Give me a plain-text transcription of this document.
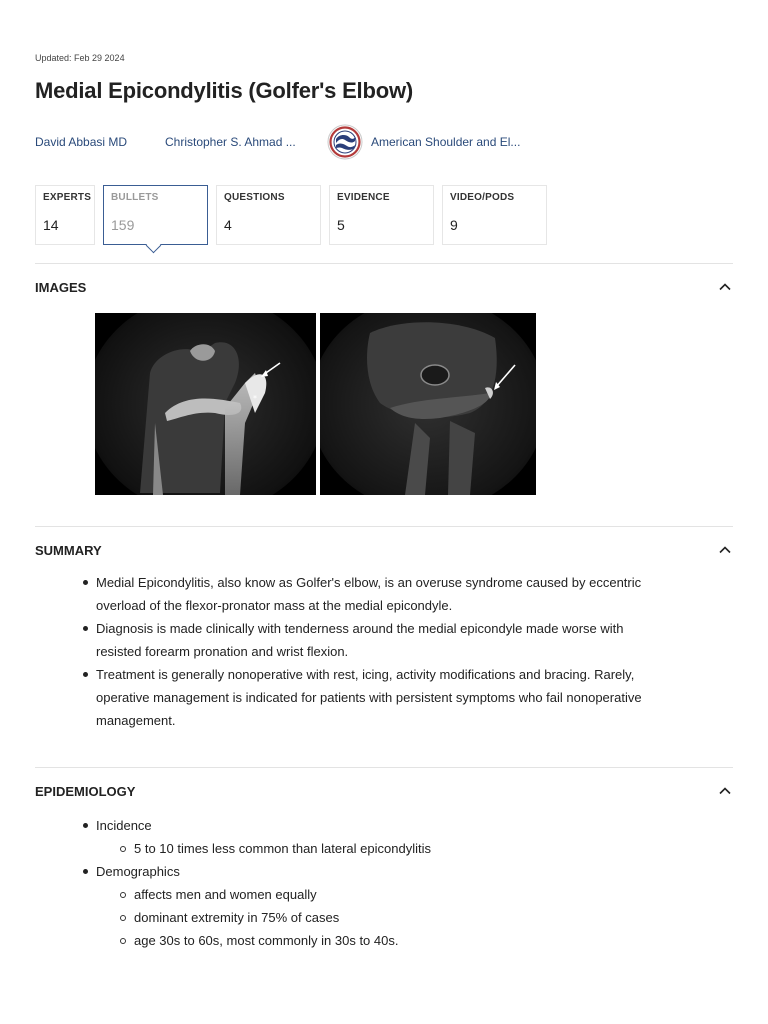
Updated: Feb 29 2024
Medial Epicondylitis (Golfer's Elbow)
David Abbasi MD	Christopher S. Ahmad ...	American Shoulder and El...
EXPERTS
14
BULLETS
159
QUESTIONS
4
EVIDENCE
5
VIDEO/PODS
9
IMAGES
*
SUMMARY
Medial Epicondylitis, also know as Golfer's elbow, is an overuse syndrome caused by eccentric overload of the flexor-pronator mass at the medial epicondyle.
Diagnosis is made clinically with tenderness around the medial epicondyle made worse with resisted forearm pronation and wrist flexion.
Treatment is generally nonoperative with rest, icing, activity modifications and bracing. Rarely, operative management is indicated for patients with persistent symptoms who fail nonoperative management.
EPIDEMIOLOGY
Incidence
5 to 10 times less common than lateral epicondylitis
Demographics
affects men and women equally
dominant extremity in 75% of cases
age 30s to 60s, most commonly in 30s to 40s.
